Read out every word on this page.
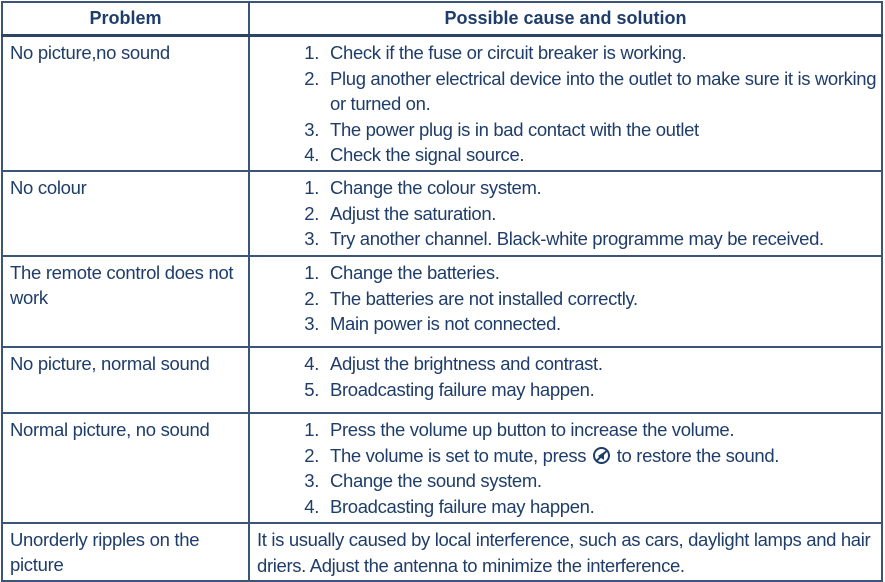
Problem	Possible cause and solution
No picture,no sound	1. Check if the fuse or circuit breaker is working.
2. Plug another electrical device into the outlet to make sure it is working or turned on.
3. The power plug is in bad contact with the outlet
4. Check the signal source.

No colour	1. Change the colour system.
2. Adjust the saturation.
3. Try another channel. Black-white programme may be received.

The remote control does not work	
1. Change the batteries.
2. The batteries are not installed correctly.
3. Main power is not connected.

No picture, normal sound	4. Adjust the brightness and contrast.
5. Broadcasting failure may happen.

Normal picture, no sound	1. Press the volume up button to increase the volume.
2. The volume is set to mute, press to restore the sound.
3. Change the sound system.
4. Broadcasting failure may happen.

Unorderly ripples on the picture	It is usually caused by local interference, such as cars, daylight lamps and hair driers. Adjust the antenna to minimize the interference.
